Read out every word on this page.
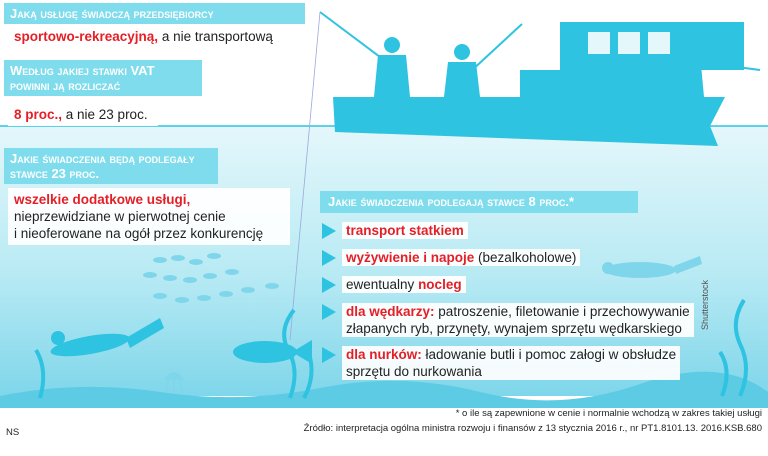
Jaką usługę świadczą przedsiębiorcy
sportowo-rekreacyjną, a nie transportową
Według jakiej stawki VAT
powinni ją rozliczać
8 proc., a nie 23 proc.
Jakie świadczenia będą podlegały
stawce 23 proc.
wszelkie dodatkowe usługi,
nieprzewidziane w pierwotnej cenie
i nieoferowane na ogół przez konkurencję
Jakie świadczenia podlegają stawce 8 proc.*
transport statkiem
wyżywienie i napoje (bezalkoholowe)
ewentualny nocleg
dla wędkarzy: patroszenie, filetowanie i przechowywanie
złapanych ryb, przynęty, wynajem sprzętu wędkarskiego
dla nurków: ładowanie butli i pomoc załogi w obsłudze
sprzętu do nurkowania
Shutterstock
* o ile są zapewnione w cenie i normalnie wchodzą w zakres takiej usługi
NS	Źródło: interpretacja ogólna ministra rozwoju i finansów z 13 stycznia 2016 r., nr PT1.8101.13. 2016.KSB.680
